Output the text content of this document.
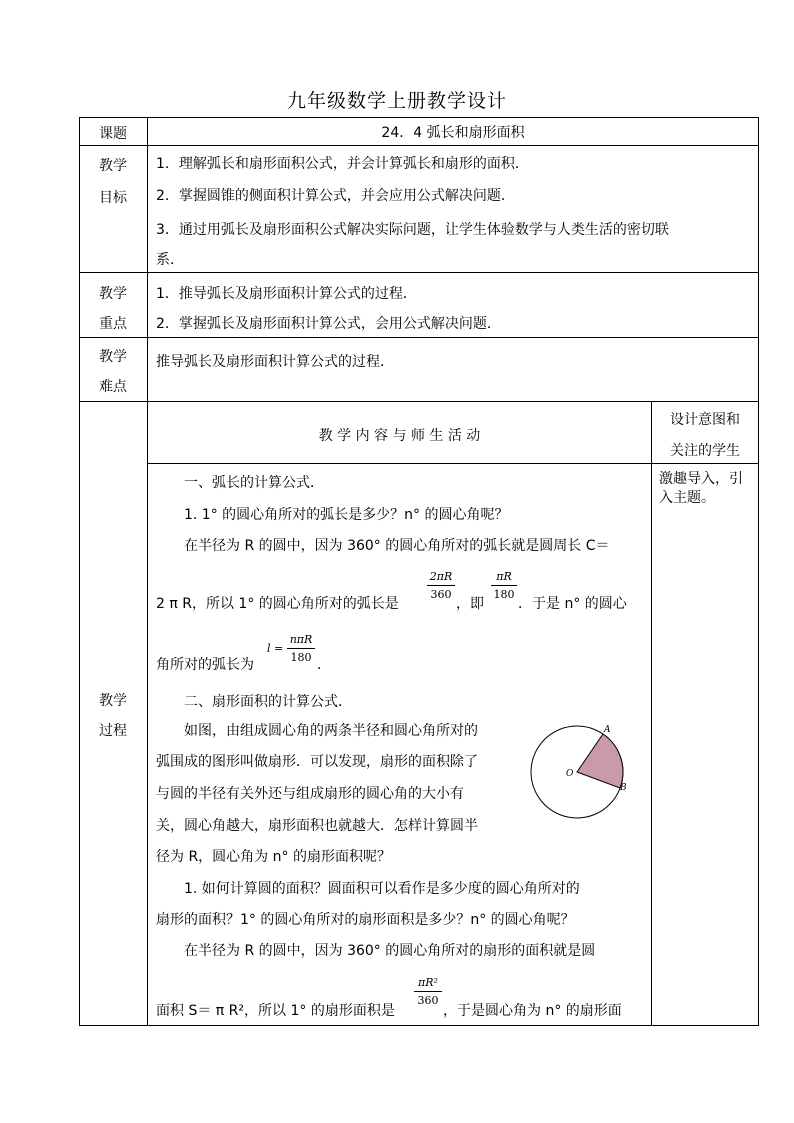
九年级数学上册教学设计
课题	24．4 弧长和扇形面积
教学
目标
1．理解弧长和扇形面积公式，并会计算弧长和扇形的面积．
2．掌握圆锥的侧面积计算公式，并会应用公式解决问题．
3．通过用弧长及扇形面积公式解决实际问题，让学生体验数学与人类生活的密切联
系．
教学
重点
1．推导弧长及扇形面积计算公式的过程．
2．掌握弧长及扇形面积计算公式，会用公式解决问题．
教学
难点
推导弧长及扇形面积计算公式的过程．
教学
过程
教 学 内 容 与 师 生 活 动
设计意图和
关注的学生
激趣导入，引
入主题。
一、弧长的计算公式．
1. 1° 的圆心角所对的弧长是多少？n° 的圆心角呢？
在半径为 R 的圆中，因为 360° 的圆心角所对的弧长就是圆周长 C＝
2 π R，所以 1° 的圆心角所对的弧长是
2πR
360
，即
πR
180
．于是 n° 的圆心
角所对的弧长为
l =
nπR
180 ．
二、扇形面积的计算公式．
如图，由组成圆心角的两条半径和圆心角所对的
弧围成的图形叫做扇形．可以发现，扇形的面积除了
与圆的半径有关外还与组成扇形的圆心角的大小有
关，圆心角越大，扇形面积也就越大．怎样计算圆半
径为 R，圆心角为 n° 的扇形面积呢？
A
B
O
1. 如何计算圆的面积？圆面积可以看作是多少度的圆心角所对的
扇形的面积？1° 的圆心角所对的扇形面积是多少？n° 的圆心角呢？
在半径为 R 的圆中，因为 360° 的圆心角所对的扇形的面积就是圆
面积 S＝ π R²，所以 1° 的扇形面积是
πR²
360
，于是圆心角为 n° 的扇形面
